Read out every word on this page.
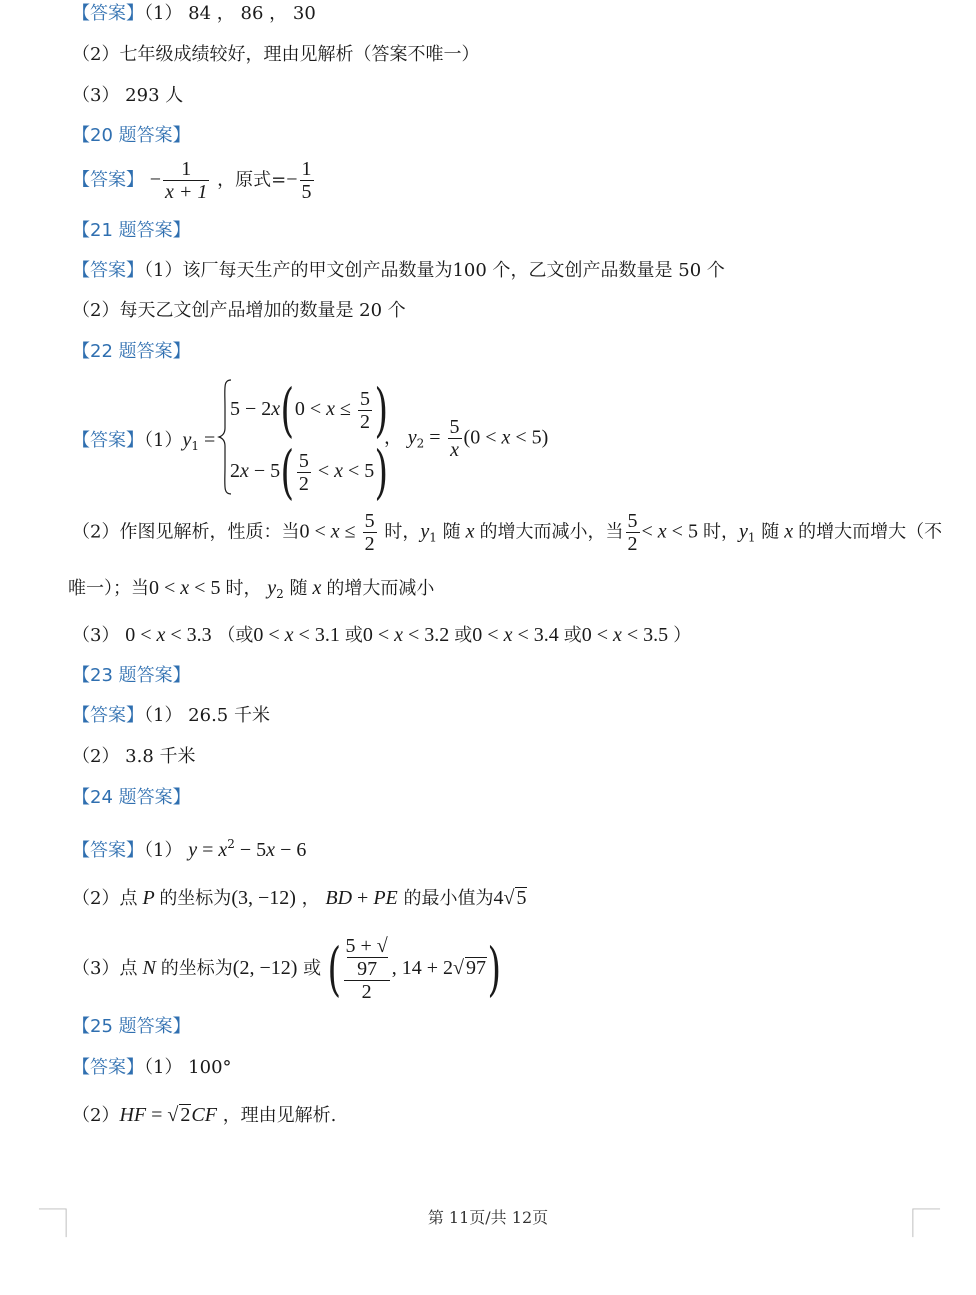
【答案】（1） 84 ， 86 ， 30
（2）七年级成绩较好，理由见解析（答案不唯一）
（3） 293 人
【20 题答案】
【答案】 − $\frac{1}{x + 1}$ ，原式=− $\frac{1}{5}$
【21 题答案】
【答案】（1）该厂每天生产的甲文创产品数量为100 个，乙文创产品数量是 50 个
（2）每天乙文创产品增加的数量是 20 个
【22 题答案】
【答案】$(1)y_1$ =
$5 - 2x(0 < x \le \frac{5}{2}$ )
$2x - 5( \frac{5}{2} < x < 5)$
， $y_2 = \frac{5}{x} (0 < x < 5)$
（2）作图见解析，性质：当$0 < x \le \frac{5}{2}$ 时，$y_1$ 随 x 的增大而减小，当 $\frac{5}{2} < x < 5$ 时，$y_1$ 随 x 的增大而增大（不
唯一）；当0 < x < 5 时， $y_2$ 随 x 的增大而减小
（3） 0 < x < 3.3 （或0 < x < 3.1 或0 < x < 3.2 或0 < x < 3.4 或0 < x < 3.5 ）
【23 题答案】
【答案】（1） 26.5 千米
（2） 3.8 千米
【24 题答案】
【答案】（1） $y = x^2 - 5x - 6$
（2）点 P 的坐标为(3, −12) ， BD + PE 的最小值为4√ 5
（3）点 N 的坐标为(2, −12) 或 ( 5 + √
97
2 , 14 + 2√ 97)
【25 题答案】
【答案】（1） 100°
（2）HF = √ 2CF ，理由见解析.
第 11页/共 12页
